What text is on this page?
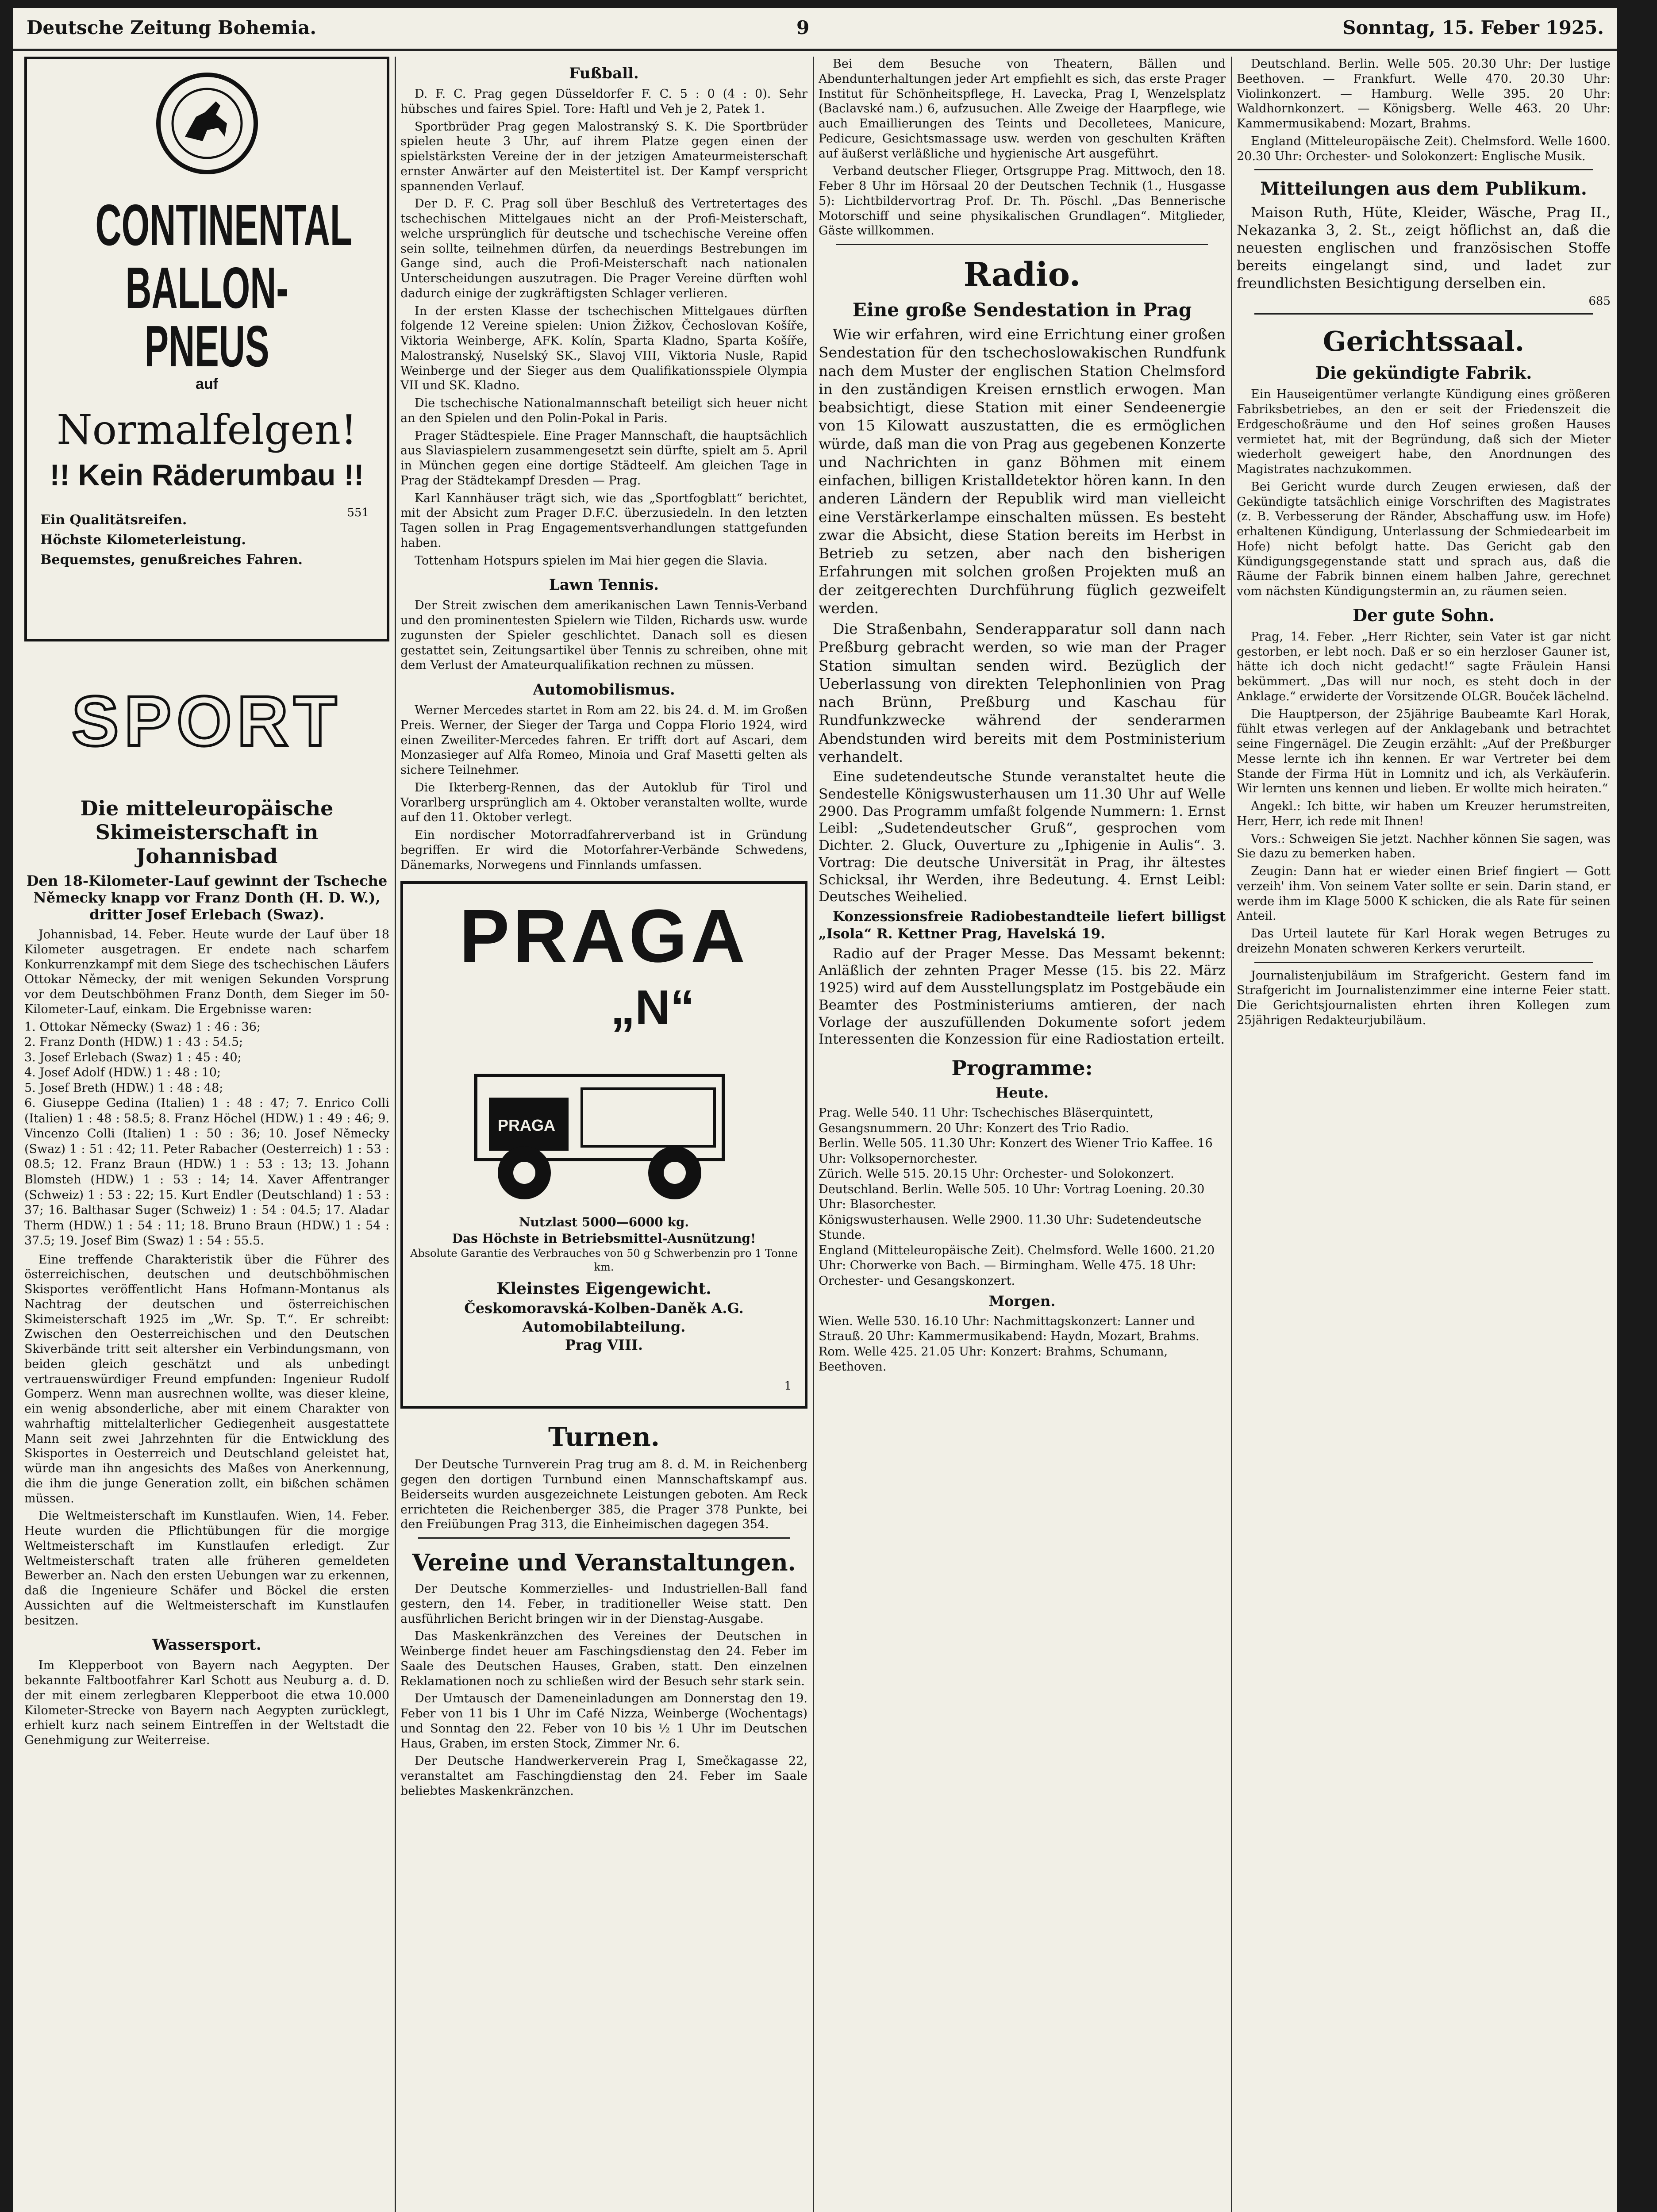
Deutsche Zeitung Bohemia.	9	Sonntag, 15. Feber 1925.
CONTINENTAL
BALLON-PNEUS
auf
Normalfelgen!
!! Kein Räderumbau !!
Ein Qualitätsreifen.
Höchste Kilometerleistung.
Bequemstes, genußreiches Fahren.
551
SPORT
Die mitteleuropäische Skimeisterschaft in Johannisbad
Den 18-Kilometer-Lauf gewinnt der Tscheche Německy knapp vor Franz Donth (H. D. W.), dritter Josef Erlebach (Swaz).

Johannisbad, 14. Feber. Heute wurde der Lauf über 18 Kilometer ausgetragen. Er endete nach scharfem Konkurrenzkampf mit dem Siege des tschechischen Läufers Ottokar Německy, der mit wenigen Sekunden Vorsprung vor dem Deutschböhmen Franz Donth, dem Sieger im 50-Kilometer-Lauf, einkam. Die Ergebnisse waren:

1. Ottokar Německy (Swaz) 1 : 46 : 36;
2. Franz Donth (HDW.) 1 : 43 : 54.5;
3. Josef Erlebach (Swaz) 1 : 45 : 40;
4. Josef Adolf (HDW.) 1 : 48 : 10;
5. Josef Breth (HDW.) 1 : 48 : 48;
6. Giuseppe Gedina (Italien) 1 : 48 : 47; 7. Enrico Colli (Italien) 1 : 48 : 58.5; 8. Franz Höchel (HDW.) 1 : 49 : 46; 9. Vincenzo Colli (Italien) 1 : 50 : 36; 10. Josef Německy (Swaz) 1 : 51 : 42; 11. Peter Rabacher (Oesterreich) 1 : 53 : 08.5; 12. Franz Braun (HDW.) 1 : 53 : 13; 13. Johann Blomsteh (HDW.) 1 : 53 : 14; 14. Xaver Affentranger (Schweiz) 1 : 53 : 22; 15. Kurt Endler (Deutschland) 1 : 53 : 37; 16. Balthasar Suger (Schweiz) 1 : 54 : 04.5; 17. Aladar Therm (HDW.) 1 : 54 : 11; 18. Bruno Braun (HDW.) 1 : 54 : 37.5; 19. Josef Bim (Swaz) 1 : 54 : 55.5.

Eine treffende Charakteristik über die Führer des österreichischen, deutschen und deutschböhmischen Skisportes veröffentlicht Hans Hofmann-Montanus als Nachtrag der deutschen und österreichischen Skimeisterschaft 1925 im „Wr. Sp. T.“. Er schreibt: Zwischen den Oesterreichischen und den Deutschen Skiverbände tritt seit altersher ein Verbindungsmann, von beiden gleich geschätzt und als unbedingt vertrauenswürdiger Freund empfunden: Ingenieur Rudolf Gomperz. Wenn man ausrechnen wollte, was dieser kleine, ein wenig absonderliche, aber mit einem Charakter von wahrhaftig mittelalterlicher Gediegenheit ausgestattete Mann seit zwei Jahrzehnten für die Entwicklung des Skisportes in Oesterreich und Deutschland geleistet hat, würde man ihn angesichts des Maßes von Anerkennung, die ihm die junge Generation zollt, ein bißchen schämen müssen.

Die Weltmeisterschaft im Kunstlaufen. Wien, 14. Feber. Heute wurden die Pflichtübungen für die morgige Weltmeisterschaft im Kunstlaufen erledigt. Zur Weltmeisterschaft traten alle früheren gemeldeten Bewerber an. Nach den ersten Uebungen war zu erkennen, daß die Ingenieure Schäfer und Böckel die ersten Aussichten auf die Weltmeisterschaft im Kunstlaufen besitzen.

Wassersport.

Im Klepperboot von Bayern nach Aegypten. Der bekannte Faltbootfahrer Karl Schott aus Neuburg a. d. D. der mit einem zerlegbaren Klepperboot die etwa 10.000 Kilometer-Strecke von Bayern nach Aegypten zurücklegt, erhielt kurz nach seinem Eintreffen in der Weltstadt die Genehmigung zur Weiterreise.

Fußball.

D. F. C. Prag gegen Düsseldorfer F. C. 5 : 0 (4 : 0). Sehr hübsches und faires Spiel. Tore: Haftl und Veh je 2, Patek 1.

Sportbrüder Prag gegen Malostranský S. K. Die Sportbrüder spielen heute 3 Uhr, auf ihrem Platze gegen einen der spielstärksten Vereine der in der jetzigen Amateurmeisterschaft ernster Anwärter auf den Meistertitel ist. Der Kampf verspricht spannenden Verlauf.

Der D. F. C. Prag soll über Beschluß des Vertretertages des tschechischen Mittelgaues nicht an der Profi-Meisterschaft, welche ursprünglich für deutsche und tschechische Vereine offen sein sollte, teilnehmen dürfen, da neuerdings Bestrebungen im Gange sind, auch die Profi-Meisterschaft nach nationalen Unterscheidungen auszutragen. Die Prager Vereine dürften wohl dadurch einige der zugkräftigsten Schlager verlieren.

In der ersten Klasse der tschechischen Mittelgaues dürften folgende 12 Vereine spielen: Union Žižkov, Čechoslovan Košíře, Viktoria Weinberge, AFK. Kolín, Sparta Kladno, Sparta Košíře, Malostranský, Nuselský SK., Slavoj VIII, Viktoria Nusle, Rapid Weinberge und der Sieger aus dem Qualifikationsspiele Olympia VII und SK. Kladno.

Die tschechische Nationalmannschaft beteiligt sich heuer nicht an den Spielen und den Polin-Pokal in Paris.

Prager Städtespiele. Eine Prager Mannschaft, die hauptsächlich aus Slaviaspielern zusammengesetzt sein dürfte, spielt am 5. April in München gegen eine dortige Städteelf. Am gleichen Tage in Prag der Städtekampf Dresden — Prag.

Karl Kannhäuser trägt sich, wie das „Sportfogblatt“ berichtet, mit der Absicht zum Prager D.F.C. überzusiedeln. In den letzten Tagen sollen in Prag Engagementsverhandlungen stattgefunden haben.

Tottenham Hotspurs spielen im Mai hier gegen die Slavia.

Lawn Tennis.

Der Streit zwischen dem amerikanischen Lawn Tennis-Verband und den prominentesten Spielern wie Tilden, Richards usw. wurde zugunsten der Spieler geschlichtet. Danach soll es diesen gestattet sein, Zeitungsartikel über Tennis zu schreiben, ohne mit dem Verlust der Amateurqualifikation rechnen zu müssen.

Automobilismus.

Werner Mercedes startet in Rom am 22. bis 24. d. M. im Großen Preis. Werner, der Sieger der Targa und Coppa Florio 1924, wird einen Zweiliter-Mercedes fahren. Er trifft dort auf Ascari, dem Monzasieger auf Alfa Romeo, Minoia und Graf Masetti gelten als sichere Teilnehmer.

Die Ikterberg-Rennen, das der Autoklub für Tirol und Vorarlberg ursprünglich am 4. Oktober veranstalten wollte, wurde auf den 11. Oktober verlegt.

Ein nordischer Motorradfahrerverband ist in Gründung begriffen. Er wird die Motorfahrer-Verbände Schwedens, Dänemarks, Norwegens und Finnlands umfassen.

PRAGA
„N“
PRAGA
Nutzlast 5000—6000 kg.
Das Höchste in Betriebsmittel-Ausnützung!
Absolute Garantie des Verbrauches von 50 g Schwerbenzin pro 1 Tonne km.
Kleinstes Eigengewicht.
Českomoravská-Kolben-Daněk A.G.
Automobilabteilung.
Prag VIII.
1
Turnen.

Der Deutsche Turnverein Prag trug am 8. d. M. in Reichenberg gegen den dortigen Turnbund einen Mannschaftskampf aus. Beiderseits wurden ausgezeichnete Leistungen geboten. Am Reck errichteten die Reichenberger 385, die Prager 378 Punkte, bei den Freiübungen Prag 313, die Einheimischen dagegen 354.

Vereine und Veranstaltungen.

Der Deutsche Kommerzielles- und Industriellen-Ball fand gestern, den 14. Feber, in traditioneller Weise statt. Den ausführlichen Bericht bringen wir in der Dienstag-Ausgabe.

Das Maskenkränzchen des Vereines der Deutschen in Weinberge findet heuer am Faschingsdienstag den 24. Feber im Saale des Deutschen Hauses, Graben, statt. Den einzelnen Reklamationen noch zu schließen wird der Besuch sehr stark sein.

Der Umtausch der Dameneinladungen am Donnerstag den 19. Feber von 11 bis 1 Uhr im Café Nizza, Weinberge (Wochentags) und Sonntag den 22. Feber von 10 bis ½ 1 Uhr im Deutschen Haus, Graben, im ersten Stock, Zimmer Nr. 6.

Der Deutsche Handwerkerverein Prag I, Smečkagasse 22, veranstaltet am Faschingdienstag den 24. Feber im Saale beliebtes Maskenkränzchen.

Bei dem Besuche von Theatern, Bällen und Abendunterhaltungen jeder Art empfiehlt es sich, das erste Prager Institut für Schönheitspflege, H. Lavecka, Prag I, Wenzelsplatz (Baclavské nam.) 6, aufzusuchen. Alle Zweige der Haarpflege, wie auch Emaillierungen des Teints und Decolletees, Manicure, Pedicure, Gesichtsmassage usw. werden von geschulten Kräften auf äußerst verläßliche und hygienische Art ausgeführt.

Verband deutscher Flieger, Ortsgruppe Prag. Mittwoch, den 18. Feber 8 Uhr im Hörsaal 20 der Deutschen Technik (1., Husgasse 5): Lichtbildervortrag Prof. Dr. Th. Pöschl. „Das Bennerische Motorschiff und seine physikalischen Grundlagen“. Mitglieder, Gäste willkommen.

Radio.
Eine große Sendestation in Prag

Wie wir erfahren, wird eine Errichtung einer großen Sendestation für den tschechoslowakischen Rundfunk nach dem Muster der englischen Station Chelmsford in den zuständigen Kreisen ernstlich erwogen. Man beabsichtigt, diese Station mit einer Sendeenergie von 15 Kilowatt auszustatten, die es ermöglichen würde, daß man die von Prag aus gegebenen Konzerte und Nachrichten in ganz Böhmen mit einem einfachen, billigen Kristalldetektor hören kann. In den anderen Ländern der Republik wird man vielleicht eine Verstärkerlampe einschalten müssen. Es besteht zwar die Absicht, diese Station bereits im Herbst in Betrieb zu setzen, aber nach den bisherigen Erfahrungen mit solchen großen Projekten muß an der zeitgerechten Durchführung füglich gezweifelt werden.

Die Straßenbahn, Senderapparatur soll dann nach Preßburg gebracht werden, so wie man der Prager Station simultan senden wird. Bezüglich der Ueberlassung von direkten Telephonlinien von Prag nach Brünn, Preßburg und Kaschau für Rundfunkzwecke während der senderarmen Abendstunden wird bereits mit dem Postministerium verhandelt.

Eine sudetendeutsche Stunde veranstaltet heute die Sendestelle Königswusterhausen um 11.30 Uhr auf Welle 2900. Das Programm umfaßt folgende Nummern: 1. Ernst Leibl: „Sudetendeutscher Gruß“, gesprochen vom Dichter. 2. Gluck, Ouverture zu „Iphigenie in Aulis“. 3. Vortrag: Die deutsche Universität in Prag, ihr ältestes Schicksal, ihr Werden, ihre Bedeutung. 4. Ernst Leibl: Deutsches Weihelied.

Konzessionsfreie Radiobestandteile liefert billigst „Isola“ R. Kettner Prag, Havelská 19.

Radio auf der Prager Messe. Das Messamt bekennt: Anläßlich der zehnten Prager Messe (15. bis 22. März 1925) wird auf dem Ausstellungsplatz im Postgebäude ein Beamter des Postministeriums amtieren, der nach Vorlage der auszufüllenden Dokumente sofort jedem Interessenten die Konzession für eine Radiostation erteilt.

Programme:
Heute.
Prag. Welle 540. 11 Uhr: Tschechisches Bläserquintett, Gesangsnummern. 20 Uhr: Konzert des Trio Radio.
Berlin. Welle 505. 11.30 Uhr: Konzert des Wiener Trio Kaffee. 16 Uhr: Volksopernorchester.
Zürich. Welle 515. 20.15 Uhr: Orchester- und Solokonzert.
Deutschland. Berlin. Welle 505. 10 Uhr: Vortrag Loening. 20.30 Uhr: Blasorchester.
Königswusterhausen. Welle 2900. 11.30 Uhr: Sudetendeutsche Stunde.
England (Mitteleuropäische Zeit). Chelmsford. Welle 1600. 21.20 Uhr: Chorwerke von Bach. — Birmingham. Welle 475. 18 Uhr: Orchester- und Gesangskonzert.
Morgen.
Wien. Welle 530. 16.10 Uhr: Nachmittagskonzert: Lanner und Strauß. 20 Uhr: Kammermusikabend: Haydn, Mozart, Brahms.
Rom. Welle 425. 21.05 Uhr: Konzert: Brahms, Schumann, Beethoven.

Deutschland. Berlin. Welle 505. 20.30 Uhr: Der lustige Beethoven. — Frankfurt. Welle 470. 20.30 Uhr: Violinkonzert. — Hamburg. Welle 395. 20 Uhr: Waldhornkonzert. — Königsberg. Welle 463. 20 Uhr: Kammermusikabend: Mozart, Brahms.

England (Mitteleuropäische Zeit). Chelmsford. Welle 1600. 20.30 Uhr: Orchester- und Solokonzert: Englische Musik.

Mitteilungen aus dem Publikum.

Maison Ruth, Hüte, Kleider, Wäsche, Prag II., Nekazanka 3, 2. St., zeigt höflichst an, daß die neuesten englischen und französischen Stoffe bereits eingelangt sind, und ladet zur freundlichsten Besichtigung derselben ein.

685
Gerichtssaal.
Die gekündigte Fabrik.

Ein Hauseigentümer verlangte Kündigung eines größeren Fabriksbetriebes, an den er seit der Friedenszeit die Erdgeschoßräume und den Hof seines großen Hauses vermietet hat, mit der Begründung, daß sich der Mieter wiederholt geweigert habe, den Anordnungen des Magistrates nachzukommen.

Bei Gericht wurde durch Zeugen erwiesen, daß der Gekündigte tatsächlich einige Vorschriften des Magistrates (z. B. Verbesserung der Ränder, Abschaffung usw. im Hofe) erhaltenen Kündigung, Unterlassung der Schmiedearbeit im Hofe) nicht befolgt hatte. Das Gericht gab den Kündigungsgegenstande statt und sprach aus, daß die Räume der Fabrik binnen einem halben Jahre, gerechnet vom nächsten Kündigungstermin an, zu räumen seien.

Der gute Sohn.

Prag, 14. Feber. „Herr Richter, sein Vater ist gar nicht gestorben, er lebt noch. Daß er so ein herzloser Gauner ist, hätte ich doch nicht gedacht!“ sagte Fräulein Hansi bekümmert. „Das will nur noch, es steht doch in der Anklage.“ erwiderte der Vorsitzende OLGR. Bouček lächelnd.

Die Hauptperson, der 25jährige Baubeamte Karl Horak, fühlt etwas verlegen auf der Anklagebank und betrachtet seine Fingernägel. Die Zeugin erzählt: „Auf der Preßburger Messe lernte ich ihn kennen. Er war Vertreter bei dem Stande der Firma Hüt in Lomnitz und ich, als Verkäuferin. Wir lernten uns kennen und lieben. Er wollte mich heiraten.“

Angekl.: Ich bitte, wir haben um Kreuzer herumstreiten, Herr, Herr, ich rede mit Ihnen!

Vors.: Schweigen Sie jetzt. Nachher können Sie sagen, was Sie dazu zu bemerken haben.

Zeugin: Dann hat er wieder einen Brief fingiert — Gott verzeih' ihm. Von seinem Vater sollte er sein. Darin stand, er werde ihm im Klage 5000 K schicken, die als Rate für seinen Anteil.

Das Urteil lautete für Karl Horak wegen Betruges zu dreizehn Monaten schweren Kerkers verurteilt.

Journalistenjubiläum im Strafgericht. Gestern fand im Strafgericht im Journalistenzimmer eine interne Feier statt. Die Gerichtsjournalisten ehrten ihren Kollegen zum 25jährigen Redakteurjubiläum.
